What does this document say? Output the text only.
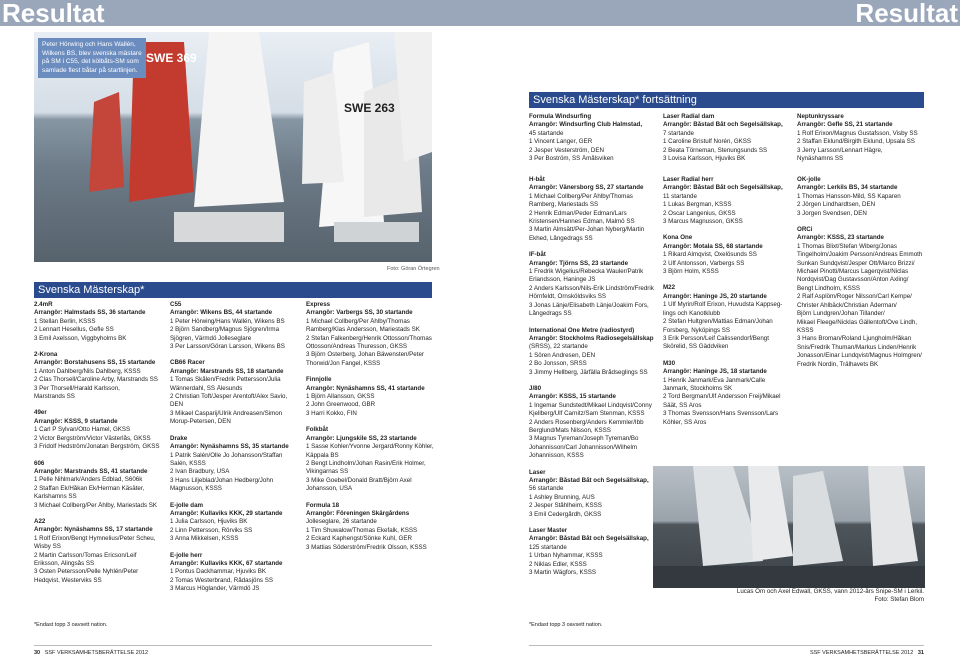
Resultat	Resultat
SWE 263
SWE 369
Peter Hörwing och Hans Wallén, Wilkens BS, blev svenska mästare på SM i C55, det kölbåts-SM som samlade flest båtar på startlinjen.
Foto: Göran Örtegren
Svenska Mästerskap*
2.4mR
Arrangör: Halmstads SS, 36 startande
1 Stellan Berlin, KSSS
2 Lennart Hesellus, Gefle SS
3 Emil Axelsson, Viggbyholms BK
2-Krona
Arrangör: Borstahusens SS, 15 startande
1 Anton Dahlberg/Nils Dahlberg, KSSS
2 Clas Thorsell/Caroline Arby, Marstrands SS
3 Per Thorsell/Harald Karlsson,
Marstrands SS
49er
Arrangör: KSSS, 9 startande
1 Carl P Sylvan/Otto Hamel, GKSS
2 Victor Bergström/Victor Västerlås, GKSS
3 Fridolf Hedström/Jonatan Bergström, GKSS
606
Arrangör: Marstrands SS, 41 startande
1 Pelle Nihlmark/Anders Edblad, S606k
2 Staffan Ek/Håkan Ek/Herman Käsäter,
Karlshamns SS
3 Michael Collberg/Per Åhlby, Mariestads SK
A22
Arrangör: Nynäshamns SS, 17 startande
1 Rolf Erixon/Bengt Hymnelius/Peter Scheu,
Wisby SS
2 Martin Carlsson/Tomas Ericson/Leif
Eriksson, Alingsås SS
3 Östen Petersson/Pelle Nyhlén/Peter
Hedqvist, Westerviks SS
C55
Arrangör: Wikens BS, 44 startande
1 Peter Hörwing/Hans Wallén, Wikens BS
2 Björn Sandberg/Magnus Sjögren/Irma
Sjögren, Värmdö Jollesegla​re
3 Per Larsson/Göran Larsson, Wikens BS
CB66 Racer
Arrangör: Marstrands SS, 18 startande
1 Tomas Skålen/Fredrik Pettersson/Julia
Wännerdahl, SS Ålesunds
2 Christian Toft/Jesper Arentoft/Alex Savio,
DEN
3 Mikael Casparij/Ulrik Andreasen/Simon
Morup-Petersen, DEN
Drake
Arrangör: Nynäshamns SS, 35 startande
1 Patrik Salén/Olle Jo Johansson/Staffan
Salén, KSSS
2 Ivan Bradbury, USA
3 Hans Liljeblad/Johan Hedberg/John
Magnusson, KSSS
E-jolle dam
Arrangör: Kullaviks KKK, 29 startande
1 Julia Carlsson, Hjuviks BK
2 Linn Pettersson, Rörviks SS
3 Anna Mikkelsen, KSSS
E-jolle herr
Arrangör: Kullaviks KKK, 67 startande
1 Pontus Dackhammar, Hjuviks BK
2 Tomas Westerbrand, Rådasjöns SS
3 Marcus Höglander, Värmdö JS
Express
Arrangör: Varbergs SS, 30 startande
1 Michael Collberg/Per Åhlby/Thomas
Ramberg/Klas Andersson, Mariestads SK
2 Stefan Falkenberg/Henrik Ottosson/Thomas
Ottosson/Andreas Thuresson, GKSS
3 Björn Österberg, Johan Bäwensten/Peter
Thorwid/Jon Fangel, KSSS
Finnjolle
Arrangör: Nynäshamns SS, 41 startande
1 Björn Allansson, GKSS
2 John Greenwood, GBR
3 Harri Kokko, FIN
Folkbåt
Arrangör: Ljungskile SS, 23 startande
1 Sasse Kohler/Yvonne Jergard/Ronny Köhler,
Käppala BS
2 Bengt Lindholm/Johan Rasin/Erik Holmer,
Vikingarnas SS
3 Mike Goebel/Donald Bratt/Björn Axel
Johansson, USA
Formula 18
Arrangör: Föreningen Skärgårdens
Jollesegla​re, 26 startande
1 Tim Shuwalow/Thomas Ekefalk, KSSS
2 Eckard Kaphengst/Sönke Kuhl, GER
3 Mattias Söderström/Fredrik Olsson, KSSS
Svenska Mästerskap* fortsättning
Formula Windsurfing
Arrangör: Windsurfing Club Halmstad,
45 startande
1 Vincent Langer, GER
2 Jesper Vesterström, DEN
3 Per Boström, SS Åmålsviken
Laser Radial dam
Arrangör: Båstad Båt och Segelsällskap,
7 startande
1 Caroline Bristulf Norén, GKSS
2 Beata Törneman, Stenungsunds SS
3 Lovisa Karlsson, Hjuviks BK
Neptunkryssare
Arrangör: Gefle SS, 21 startande
1 Rolf Erixon/Magnus Gustafsson, Visby SS
2 Staffan Eklund/Birgith Eklund, Upsala SS
3 Jerry Larsson/Lennart Hägre,
Nynäshamns SS
H-båt
Arrangör: Vänersborg SS, 27 startande
1 Michael Collberg/Per Åhlby/Thomas
Ramberg, Mariestads SS
2 Henrik Edman/Peder Edman/Lars
Kristensen/Hannes Edman, Malmö SS
3 Martin Almsätt/Per-Johan Nyberg/Martin
Ekhed, Långedrags SS
IF-båt
Arrangör: Tjörns SS, 23 startande
1 Fredrik Wigelius/Rebecka Wauler/Patrik
Erlandsson, Haninge JS
2 Anders Karlsson/Nils-Erik Lindström/Fredrik
Hörnfeldt, Örnsköldsviks SS
3 Jonas Länje/Elisabeth Länje/Joakim Fors,
Långedrags SS
International One Metre (radiostyrd)
Arrangör: Stockholms Radiosegelsällskap
(SRSS), 22 startande
1 Sören Andresen, DEN
2 Bo Jonsson, SRSS
3 Jimmy Hellberg, Järfälla Brådseglings SS
J/80
Arrangör: KSSS, 15 startande
1 Ingemar Sundstedt/Mikael Lindqvist/Conny
Kjellberg/Ulf Carnitz/Sam Stenman, KSSS
2 Anders Rosenberg/Anders Kemmler/Ibb
Berglund/Mats Nilsson, KSSS
3 Magnus Tyreman/Joseph Tyreman/Bo
Johannisson/Carl Johannisson/Wilhelm
Johannisson, KSSS
Laser
Arrangör: Båstad Båt och Segelsällskap,
56 startande
1 Ashley Brunning, AUS
2 Jesper Ståhlheim, KSSS
3 Emil Cedergårdh, GKSS
Laser Master
Arrangör: Båstad Båt och Segelsällskap,
125 startande
1 Urban Nyhammar, KSSS
2 Niklas Edler, KSSS
3 Martin Wägfors, KSSS
Laser Radial herr
Arrangör: Båstad Båt och Segelsällskap,
11 startande
1 Lukas Bergman, KSSS
2 Oscar Langenius, GKSS
3 Marcus Magnusson, GKSS
Kona One
Arrangör: Motala SS, 68 startande
1 Rikard Almqvist, Oxelösunds SS
2 Ulf Antonsson, Varbergs SS
3 Björn Holm, KSSS
M22
Arrangör: Haninge JS, 20 startande
1 Ulf Myrin/Rolf Erixon, Huvudsta Kappseg-
lings och Kanotklubb
2 Stefan Hultgren/Mattias Edman/Johan
Forsberg, Nyköpings SS
3 Erik Persson/Leif Calissendorf/Bengt
Skörelid, SS Gäddviken
M30
Arrangör: Haninge JS, 18 startande
1 Henrik Janmark/Eva Janmark/Calle
Janmark, Stockholms SK
2 Tord Bergman/Ulf Andersson Freij/Mikael
Säät, SS Aros
3 Thomas Svensson/Hans Svensson/Lars
Köhler, SS Aros
OK-jolle
Arrangör: Lerkils BS, 34 startande
1 Thomas Hansson-Mild, SS Kaparen
2 Jörgen Lindhardtsen, DEN
3 Jorgen Svendsen, DEN
ORCi
Arrangör: KSSS, 23 startande
1 Thomas Blixt/Stefan Wiberg/Jonas
Tingelholm/Joakim Persson/Andreas Emmoth
Sunkan Sundqvist/Jesper Ott/Marco Brizzi/
Michael Pinotti/Marcus Lagerqvist/Niclas
Nordqvist/Dag Gustavsson/Anton Axling/
Bengt Lindholm, KSSS
2 Ralf Asplöm/Roger Nilsson/Carl Kempe/
Christer Ahlbäck/Christian Åderman/
Björn Lundgren/Johan Tillander/
Mikael Fleege/Nicklas Gällentoft/Ove Lindh,
KSSS
3 Hans Broman/Roland Ljungholm/Håkan
Snis/Fredrik Thuman/Markus Linden/Henrik
Jonasson/Einar Lundqvist/Magnus Holmgren/
Fredrik Nordin, Trälhavets BK
Lucas Öm och Axel Edwall, GKSS, vann 2012-års Snipe-SM i Lerkil.
Foto: Stefan Blom
*Endast topp 3 oavsett nation.	*Endast topp 3 oavsett nation.
30 SSF VERKSAMHETSBERÄTTELSE 2012	SSF VERKSAMHETSBERÄTTELSE 2012 31
